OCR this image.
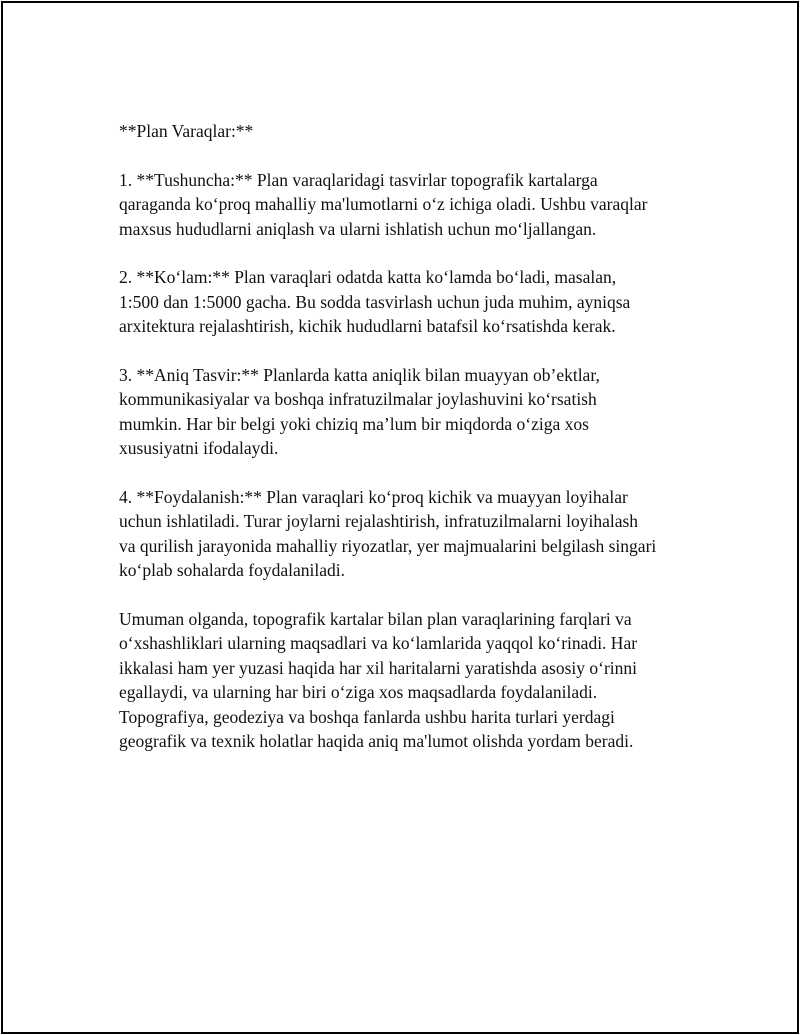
**Plan Varaqlar:**

1. **Tushuncha:** Plan varaqlaridagi tasvirlar topografik kartalarga
qaraganda ko‘proq mahalliy ma'lumotlarni o‘z ichiga oladi. Ushbu varaqlar
maxsus hududlarni aniqlash va ularni ishlatish uchun mo‘ljallangan.

2. **Ko‘lam:** Plan varaqlari odatda katta ko‘lamda bo‘ladi, masalan,
1:500 dan 1:5000 gacha. Bu sodda tasvirlash uchun juda muhim, ayniqsa
arxitektura rejalashtirish, kichik hududlarni batafsil ko‘rsatishda kerak.

3. **Aniq Tasvir:** Planlarda katta aniqlik bilan muayyan ob’ektlar,
kommunikasiyalar va boshqa infratuzilmalar joylashuvini ko‘rsatish
mumkin. Har bir belgi yoki chiziq ma’lum bir miqdorda o‘ziga xos
xususiyatni ifodalaydi.

4. **Foydalanish:** Plan varaqlari ko‘proq kichik va muayyan loyihalar
uchun ishlatiladi. Turar joylarni rejalashtirish, infratuzilmalarni loyihalash
va qurilish jarayonida mahalliy riyozatlar, yer majmualarini belgilash singari
ko‘plab sohalarda foydalaniladi.

Umuman olganda, topografik kartalar bilan plan varaqlarining farqlari va
o‘xshashliklari ularning maqsadlari va ko‘lamlarida yaqqol ko‘rinadi. Har
ikkalasi ham yer yuzasi haqida har xil haritalarni yaratishda asosiy o‘rinni
egallaydi, va ularning har biri o‘ziga xos maqsadlarda foydalaniladi.
Topografiya, geodeziya va boshqa fanlarda ushbu harita turlari yerdagi
geografik va texnik holatlar haqida aniq ma'lumot olishda yordam beradi.
